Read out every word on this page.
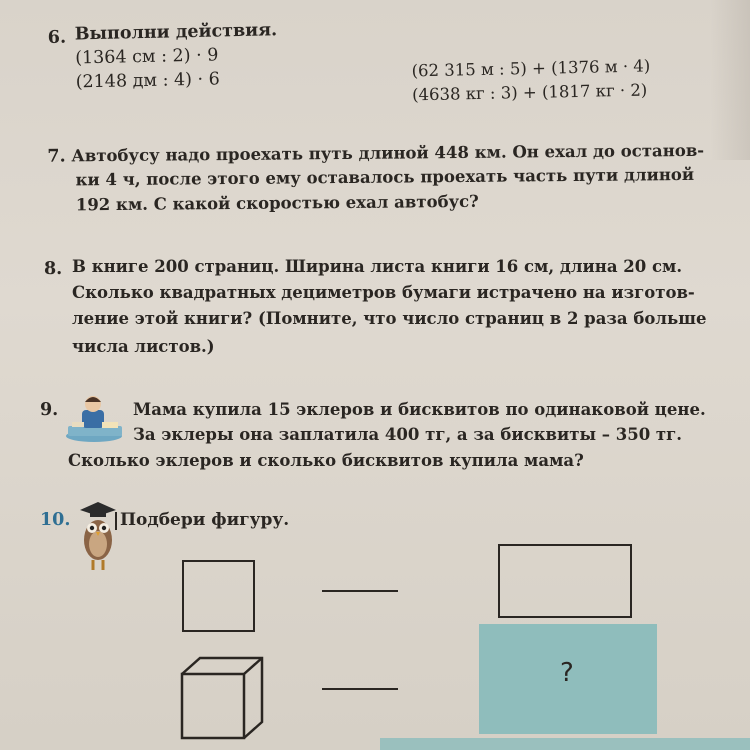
6. Выполни действия.
(1364 см : 2) · 9
(2148 дм : 4) · 6
(62 315 м : 5) + (1376 м · 4)
(4638 кг : 3) + (1817 кг · 2)
7. Автобусу надо проехать путь длиной 448 км. Он ехал до останов-
ки 4 ч, после этого ему оставалось проехать часть пути длиной
192 км. С какой скоростью ехал автобус?
8. В книге 200 страниц. Ширина листа книги 16 см, длина 20 см.
Сколько квадратных дециметров бумаги истрачено на изготов-
ление этой книги? (Помните, что число страниц в 2 раза больше
числа листов.)
9.	Мама купила 15 эклеров и бисквитов по одинаковой цене.
За эклеры она заплатила 400 тг, а за бисквиты – 350 тг.
Сколько эклеров и сколько бисквитов купила мама?
10.	Подбери фигуру.
?
